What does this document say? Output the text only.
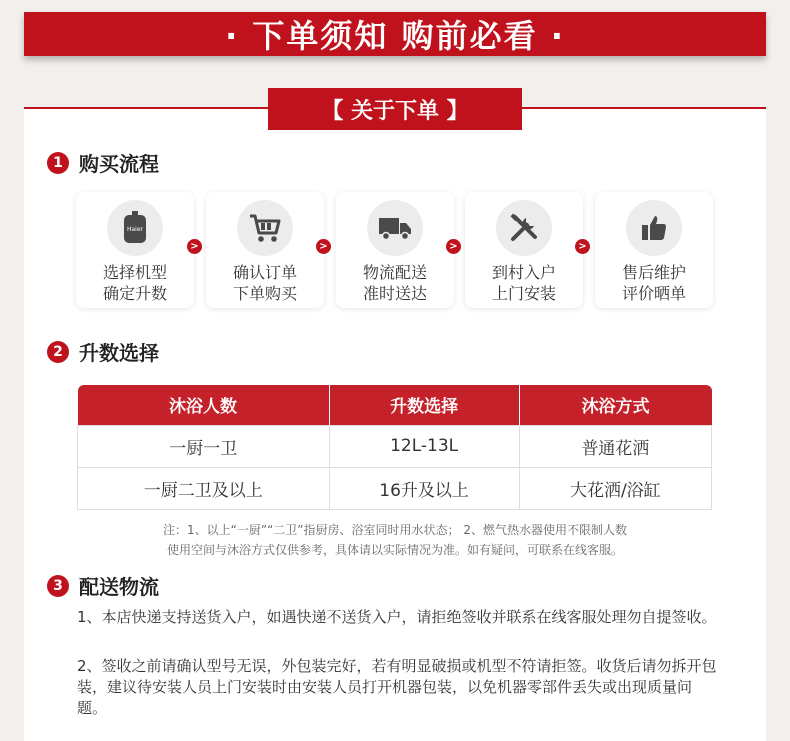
· 下单须知 购前必看 ·
【 关于下单 】
1 购买流程
Haier
选择机型
确定升数
>
确认订单
下单购买
>
物流配送
准时送达
>
到村入户
上门安装
>
售后维护
评价晒单
2 升数选择
沐浴人数	升数选择	沐浴方式
一厨一卫	12L-13L	普通花洒
一厨二卫及以上	16升及以上	大花洒/浴缸
注：1、以上“一厨”“二卫”指厨房、浴室同时用水状态； 2、燃气热水器使用不限制人数
使用空间与沐浴方式仅供参考，具体请以实际情况为准。如有疑问，可联系在线客服。
3 配送物流
1、本店快递支持送货入户，如遇快递不送货入户，请拒绝签收并联系在线客服处理勿自提签收。
2、签收之前请确认型号无误，外包装完好，若有明显破损或机型不符请拒签。收货后请勿拆开包装，建议待安装人员上门安装时由安装人员打开机器包装，以免机器零部件丢失或出现质量问题。
